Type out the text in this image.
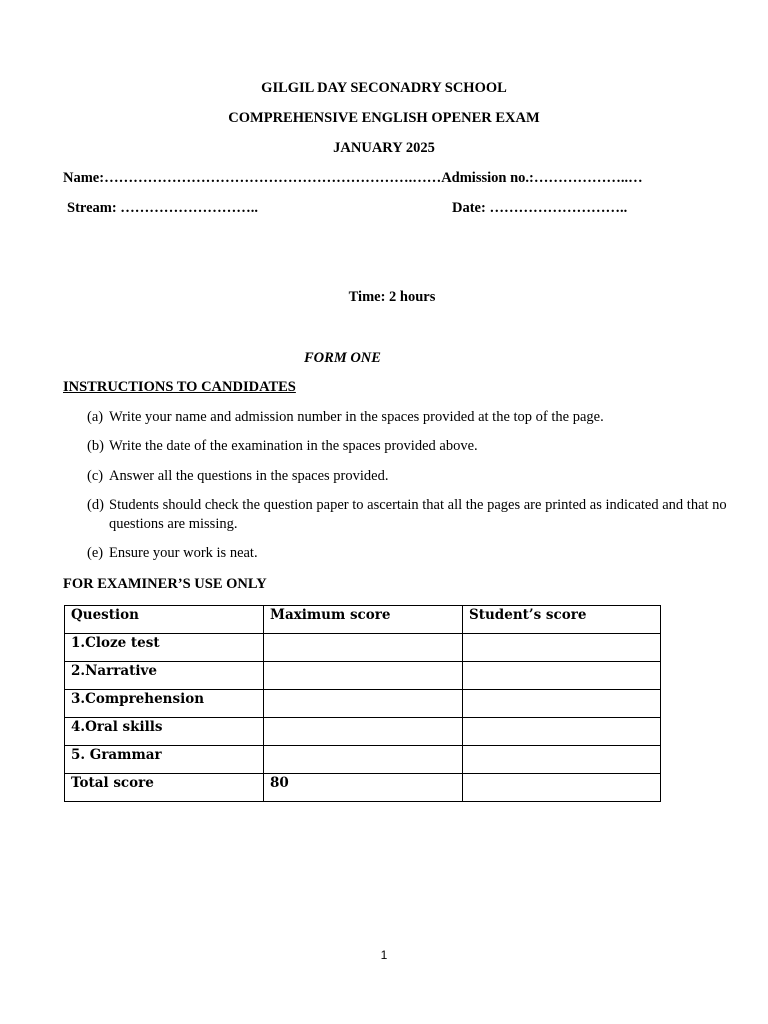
GILGIL DAY SECONADRY SCHOOL
COMPREHENSIVE ENGLISH OPENER EXAM
JANUARY 2025
Name:……………………………………………………….……Admission no.:………………..…
Stream: ………………………..	Date: ………………………..
Time: 2 hours
FORM ONE
INSTRUCTIONS TO CANDIDATES
(a) Write your name and admission number in the spaces provided at the top of the page.
(b) Write the date of the examination in the spaces provided above.
(c) Answer all the questions in the spaces provided.
(d) Students should check the question paper to ascertain that all the pages are printed as indicated and that no questions are missing.
(e) Ensure your work is neat.
FOR EXAMINER’S USE ONLY
Question	Maximum score	Student’s score
1.Cloze test		
2.Narrative		
3.Comprehension		
4.Oral skills		
5. Grammar		
Total score	80	
1
